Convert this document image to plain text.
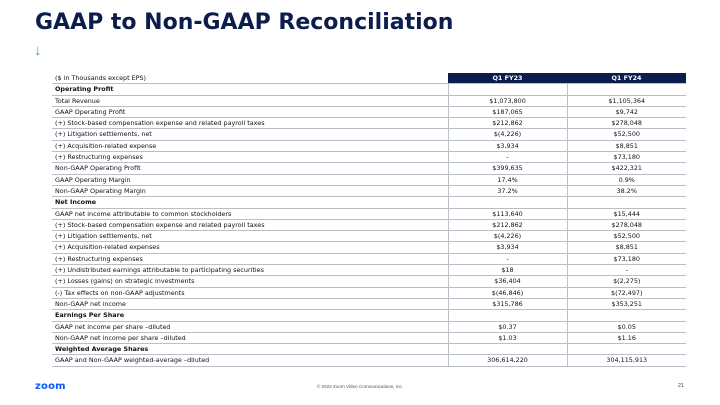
GAAP to Non-GAAP Reconciliation
↓
($ in Thousands except EPS)	Q1 FY23	Q1 FY24
Operating Profit		
Total Revenue	$1,073,800	$1,105,364
GAAP Operating Profit	$187,065	$9,742
(+) Stock-based compensation expense and related payroll taxes	$212,862	$278,048
(+) Litigation settlements, net	$(4,226)	$52,500
(+) Acquisition-related expense	$3,934	$8,851
(+) Restructuring expenses	-	$73,180
Non-GAAP Operating Profit	$399,635	$422,321
GAAP Operating Margin	17.4%	0.9%
Non-GAAP Operating Margin	37.2%	38.2%
Net Income		
GAAP net income attributable to common stockholders	$113,640	$15,444
(+) Stock-based compensation expense and related payroll taxes	$212,862	$278,048
(+) Litigation settlements, net	$(4,226)	$52,500
(+) Acquisition-related expenses	$3,934	$8,851
(+) Restructuring expenses	-	$73,180
(+) Undistributed earnings attributable to participating securities	$18	-
(+) Losses (gains) on strategic investments	$36,404	$(2,275)
(-) Tax effects on non-GAAP adjustments	$(46,846)	$(72,497)
Non-GAAP net income	$315,786	$353,251
Earnings Per Share		
GAAP net income per share –diluted	$0.37	$0.05
Non-GAAP net income per share –diluted	$1.03	$1.16
Weighted Average Shares		
GAAP and Non-GAAP weighted-average –diluted	306,614,220	304,115,913
zoom	© 2023 Zoom Video Communications, Inc.	21
